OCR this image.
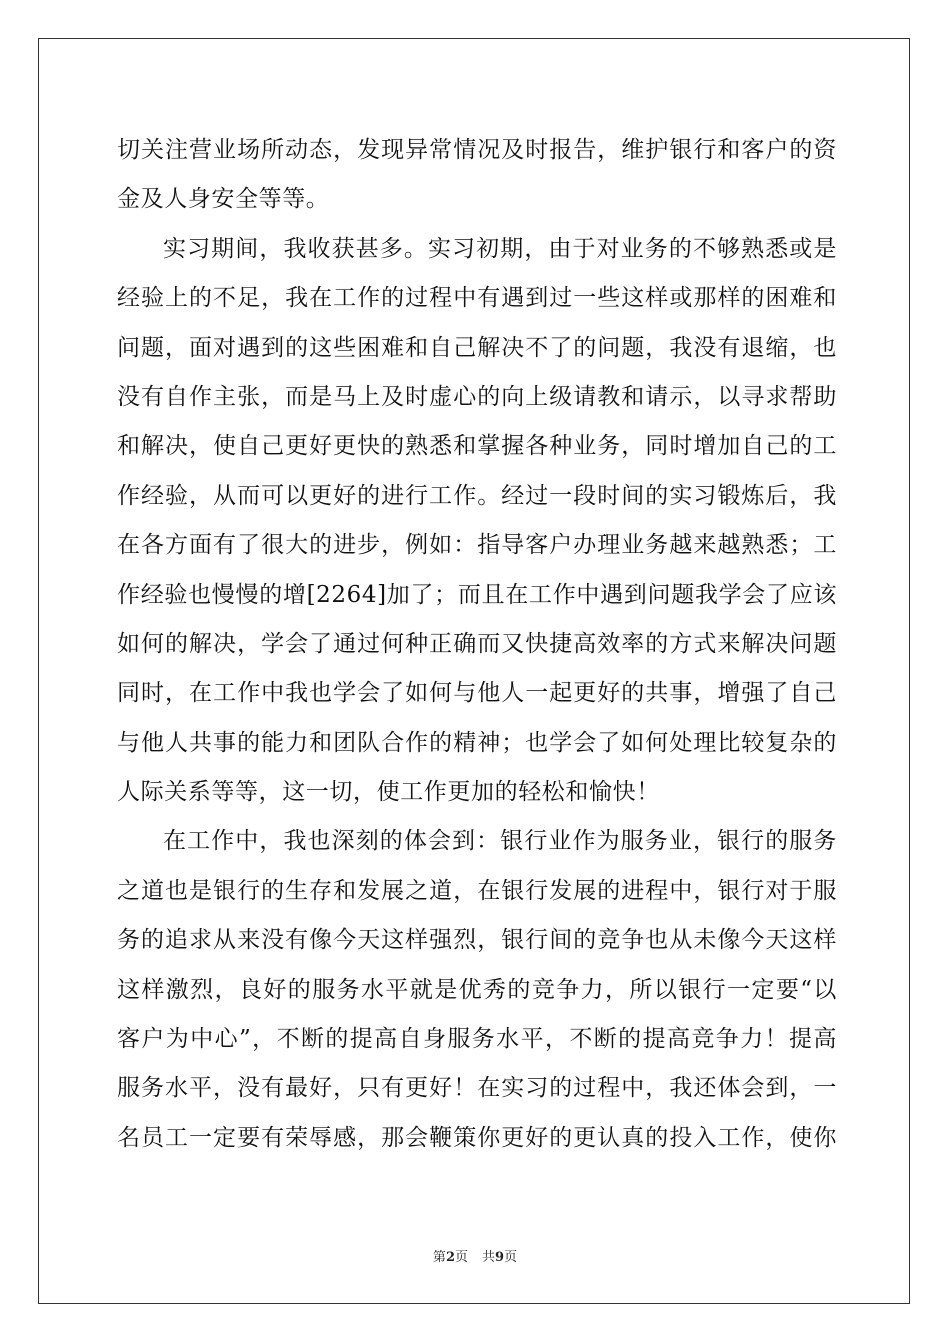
切关注营业场所动态，发现异常情况及时报告，维护银行和客户的资
金及人身安全等等。
实习期间，我收获甚多。实习初期，由于对业务的不够熟悉或是
经验上的不足，我在工作的过程中有遇到过一些这样或那样的困难和
问题，面对遇到的这些困难和自己解决不了的问题，我没有退缩，也
没有自作主张，而是马上及时虚心的向上级请教和请示，以寻求帮助
和解决，使自己更好更快的熟悉和掌握各种业务，同时增加自己的工
作经验，从而可以更好的进行工作。经过一段时间的实习锻炼后，我
在各方面有了很大的进步，例如：指导客户办理业务越来越熟悉；工
作经验也慢慢的增[2264]加了；而且在工作中遇到问题我学会了应该
如何的解决，学会了通过何种正确而又快捷高效率的方式来解决问题
同时，在工作中我也学会了如何与他人一起更好的共事，增强了自己
与他人共事的能力和团队合作的精神；也学会了如何处理比较复杂的
人际关系等等，这一切，使工作更加的轻松和愉快！
在工作中，我也深刻的体会到：银行业作为服务业，银行的服务
之道也是银行的生存和发展之道，在银行发展的进程中，银行对于服
务的追求从来没有像今天这样强烈，银行间的竞争也从未像今天这样
这样激烈，良好的服务水平就是优秀的竞争力，所以银行一定要“以
客户为中心”，不断的提高自身服务水平，不断的提高竞争力！提高
服务水平，没有最好，只有更好！在实习的过程中，我还体会到，一
名员工一定要有荣辱感，那会鞭策你更好的更认真的投入工作，使你
第2页 共9页
